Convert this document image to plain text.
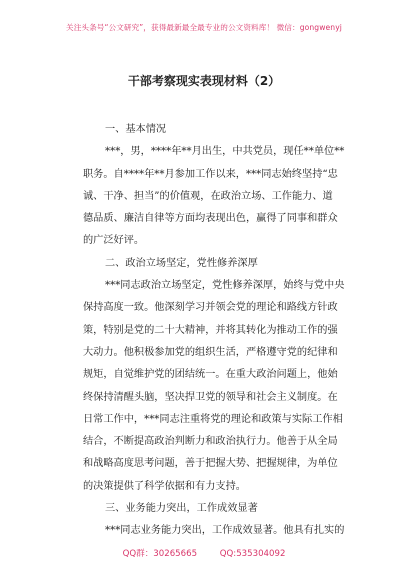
关注头条号“公文研究”，获得最新最全最专业的公文资料库！ 微信：gongwenyj
干部考察现实表现材料（2）
一、基本情况
***，男，****年**月出生，中共党员，现任**单位**
职务。自****年**月参加工作以来，***同志始终坚持“忠
诚、干净、担当”的价值观，在政治立场、工作能力、道
德品质、廉洁自律等方面均表现出色，赢得了同事和群众
的广泛好评。
二、政治立场坚定，党性修养深厚
***同志政治立场坚定，党性修养深厚，始终与党中央
保持高度一致。他深刻学习并领会党的理论和路线方针政
策，特别是党的二十大精神，并将其转化为推动工作的强
大动力。他积极参加党的组织生活，严格遵守党的纪律和
规矩，自觉维护党的团结统一。在重大政治问题上，他始
终保持清醒头脑，坚决捍卫党的领导和社会主义制度。在
日常工作中，***同志注重将党的理论和政策与实际工作相
结合，不断提高政治判断力和政治执行力。他善于从全局
和战略高度思考问题，善于把握大势、把握规律，为单位
的决策提供了科学依据和有力支持。
三、业务能力突出，工作成效显著
***同志业务能力突出，工作成效显著。他具有扎实的
QQ群：30265665	QQ:535304092
